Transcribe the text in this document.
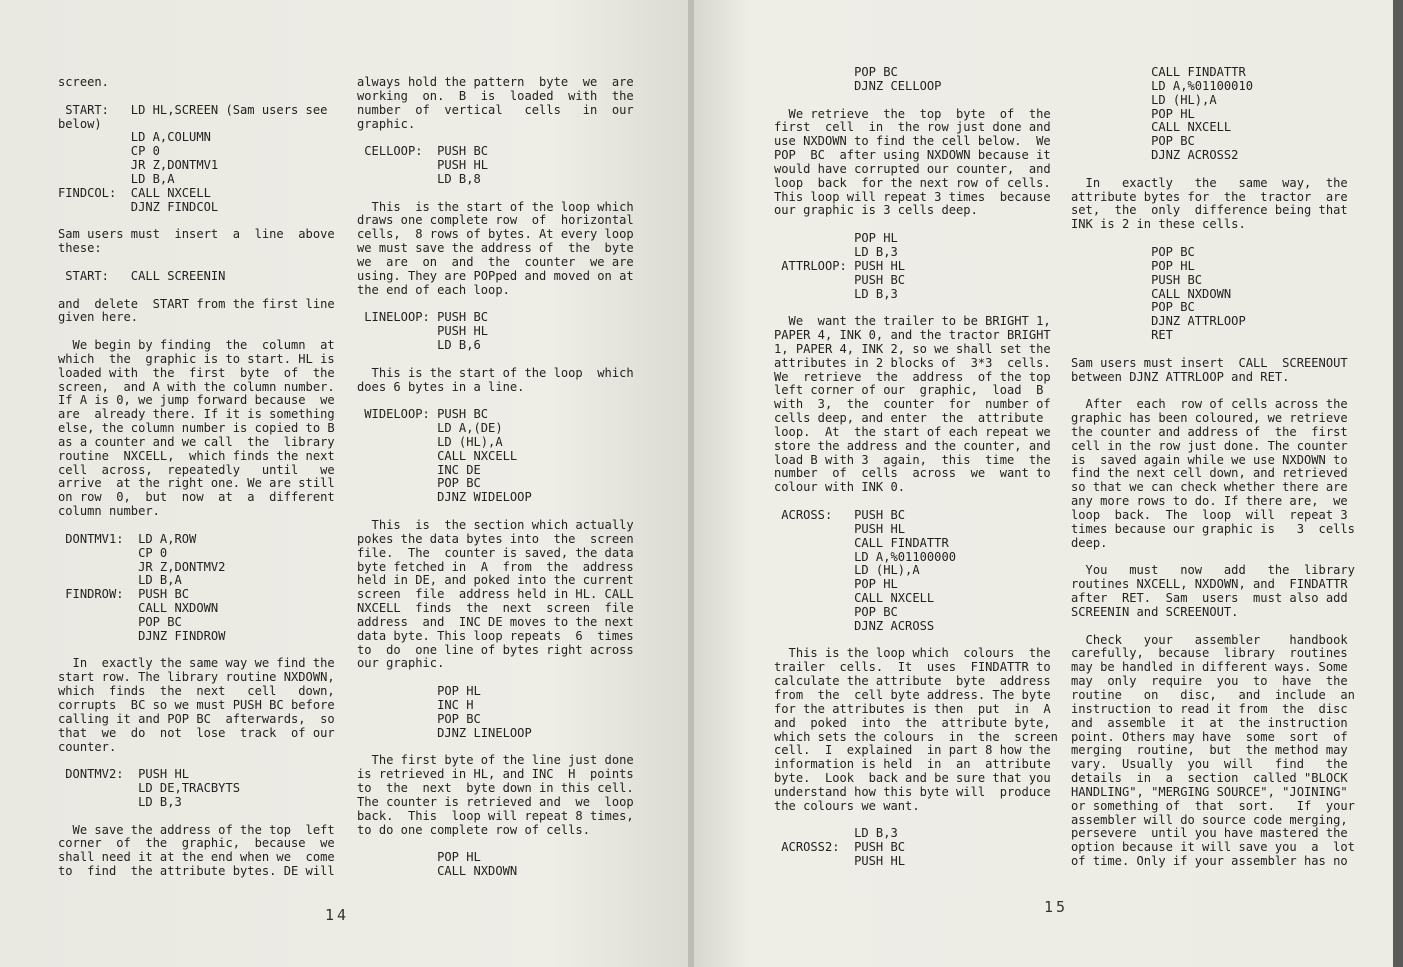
screen.
START:   LD HL,SCREEN (Sam users see
below)
LD A,COLUMN
CP 0
JR Z,DONTMV1
LD B,A
FINDCOL:  CALL NXCELL
DJNZ FINDCOL
Sam users must  insert  a  line  above
these:
START:   CALL SCREENIN
and  delete  START from the first line
given here.
We begin by finding  the  column  at
which  the  graphic is to start. HL is
loaded with  the  first  byte  of  the
screen,  and A with the column number.
If A is 0, we jump forward because  we
are  already there. If it is something
else, the column number is copied to B
as a counter and we call  the  library
routine  NXCELL,  which finds the next
cell  across,  repeatedly   until   we
arrive  at the right one. We are still
on row  0,  but  now  at  a  different
column number.
DONTMV1:  LD A,ROW
CP 0
JR Z,DONTMV2
LD B,A
FINDROW:  PUSH BC
CALL NXDOWN
POP BC
DJNZ FINDROW
In  exactly the same way we find the
start row. The library routine NXDOWN,
which  finds  the  next   cell   down,
corrupts  BC so we must PUSH BC before
calling it and POP BC  afterwards,  so
that  we  do  not  lose  track  of our
counter.
DONTMV2:  PUSH HL
LD DE,TRACBYTS
LD B,3
We save the address of the top  left
corner  of  the  graphic,  because  we
shall need it at the end when we  come
to  find  the attribute bytes. DE will
always hold the pattern  byte  we  are
working  on.  B  is  loaded  with  the
number  of  vertical   cells   in  our
graphic.
CELLOOP:  PUSH BC
PUSH HL
LD B,8
This  is the start of the loop which
draws one complete row  of  horizontal
cells,  8 rows of bytes. At every loop
we must save the address of  the  byte
we  are  on  and  the  counter  we are
using. They are POPped and moved on at
the end of each loop.
LINELOOP: PUSH BC
PUSH HL
LD B,6
This is the start of the loop  which
does 6 bytes in a line.
WIDELOOP: PUSH BC
LD A,(DE)
LD (HL),A
CALL NXCELL
INC DE
POP BC
DJNZ WIDELOOP
This  is  the section which actually
pokes the data bytes into  the  screen
file.  The  counter is saved, the data
byte fetched in  A  from  the  address
held in DE, and poked into the current
screen  file  address held in HL. CALL
NXCELL  finds  the  next  screen  file
address  and  INC DE moves to the next
data byte. This loop repeats  6  times
to  do  one line of bytes right across
our graphic.
POP HL
INC H
POP BC
DJNZ LINELOOP
The first byte of the line just done
is retrieved in HL, and INC  H  points
to  the  next  byte down in this cell.
The counter is retrieved and  we  loop
back.  This  loop will repeat 8 times,
to do one complete row of cells.
POP HL
CALL NXDOWN
14
POP BC
DJNZ CELLOOP
We retrieve  the  top  byte  of  the
first  cell  in  the row just done and
use NXDOWN to find the cell below.  We
POP  BC  after using NXDOWN because it
would have corrupted our counter,  and
loop  back  for the next row of cells.
This loop will repeat 3 times  because
our graphic is 3 cells deep.
POP HL
LD B,3
ATTRLOOP: PUSH HL
PUSH BC
LD B,3
We  want the trailer to be BRIGHT 1,
PAPER 4, INK 0, and the tractor BRIGHT
1, PAPER 4, INK 2, so we shall set the
attributes in 2 blocks of  3*3  cells.
We  retrieve  the  address  of the top
left corner of our  graphic,  load  B
with  3,  the  counter  for  number of
cells deep, and enter  the  attribute
loop.  At  the start of each repeat we
store the address and the counter, and
load B with 3  again,  this  time  the
number  of  cells  across  we  want to
colour with INK 0.
ACROSS:   PUSH BC
PUSH HL
CALL FINDATTR
LD A,%01100000
LD (HL),A
POP HL
CALL NXCELL
POP BC
DJNZ ACROSS
This is the loop which  colours  the
trailer  cells.  It  uses  FINDATTR to
calculate the attribute  byte  address
from  the  cell byte address. The byte
for the attributes is then  put  in  A
and  poked  into  the  attribute byte,
which sets the colours  in  the  screen
cell.  I  explained  in part 8 how the
information is held  in  an  attribute
byte.  Look  back and be sure that you
understand how this byte will  produce
the colours we want.
LD B,3
ACROSS2:  PUSH BC
PUSH HL
CALL FINDATTR
LD A,%01100010
LD (HL),A
POP HL
CALL NXCELL
POP BC
DJNZ ACROSS2
In   exactly   the   same  way,  the
attribute bytes for  the  tractor  are
set,  the  only  difference being that
INK is 2 in these cells.
POP BC
POP HL
PUSH BC
CALL NXDOWN
POP BC
DJNZ ATTRLOOP
RET
Sam users must insert  CALL  SCREENOUT
between DJNZ ATTRLOOP and RET.
After  each  row of cells across the
graphic has been coloured, we retrieve
the counter and address of  the  first
cell in the row just done. The counter
is  saved again while we use NXDOWN to
find the next cell down, and retrieved
so that we can check whether there are
any more rows to do. If there are,  we
loop  back.  The  loop  will  repeat 3
times because our graphic is   3  cells
deep.
You   must   now   add   the  library
routines NXCELL, NXDOWN, and  FINDATTR
after  RET.  Sam  users  must also add
SCREENIN and SCREENOUT.
Check   your   assembler    handbook
carefully,  because  library  routines
may be handled in different ways. Some
may  only  require  you  to  have  the
routine   on   disc,   and  include  an
instruction to read it from  the  disc
and  assemble  it  at  the instruction
point. Others may have  some  sort  of
merging  routine,  but  the method may
vary.  Usually  you  will   find   the
details  in  a  section  called "BLOCK
HANDLING", "MERGING SOURCE", "JOINING"
or something of  that  sort.   If  your
assembler will do source code merging,
persevere  until you have mastered the
option because it will save you  a  lot
of time. Only if your assembler has no
15
